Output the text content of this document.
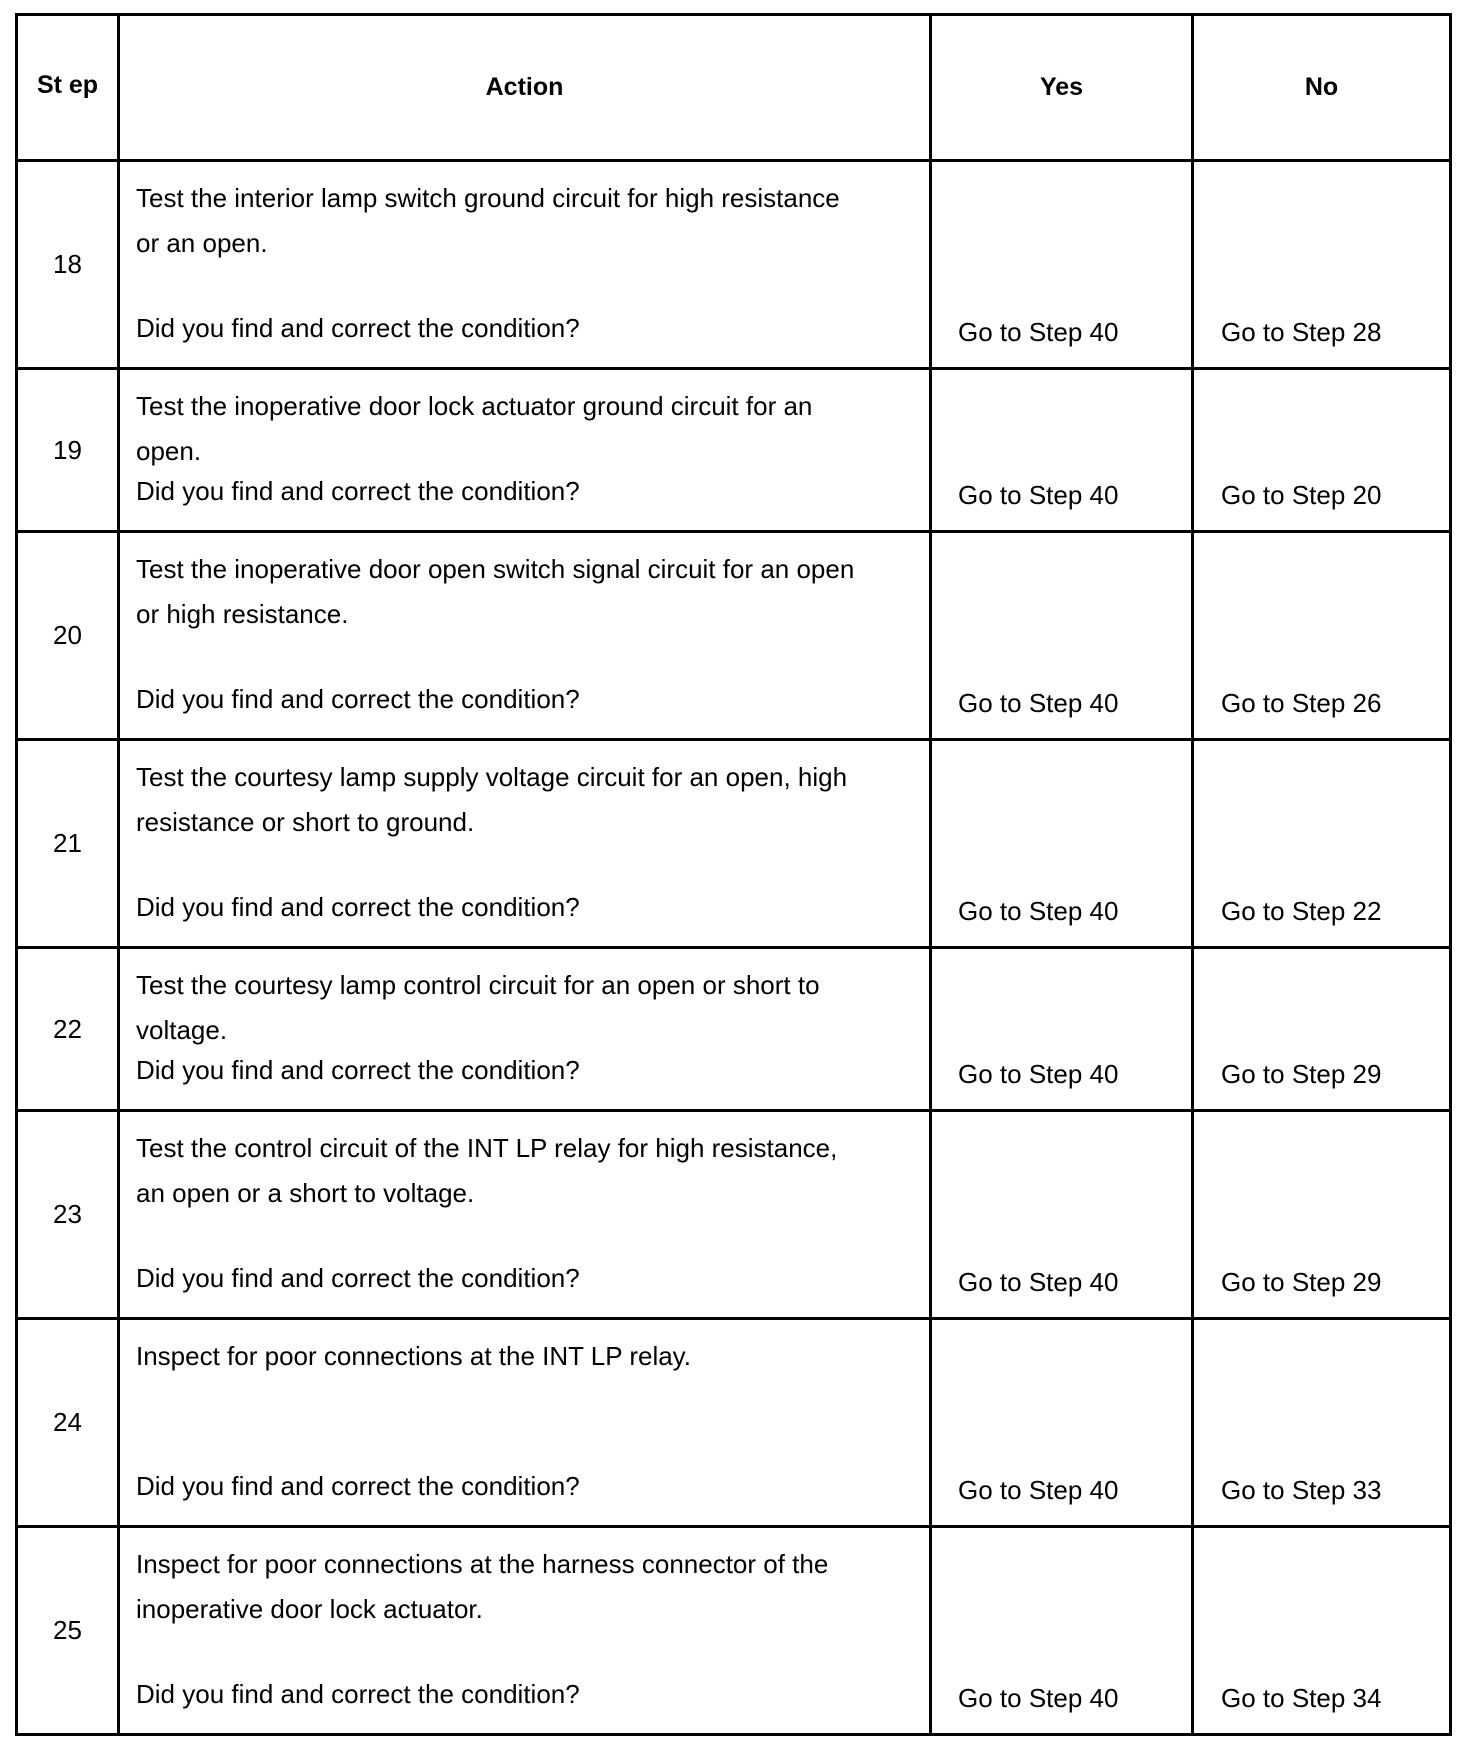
St ep	Action	Yes	No
18	Test the interior lamp switch ground circuit for high resistance or an open.
Did you find and correct the condition?	Go to Step 40	Go to Step 28

19	Test the inoperative door lock actuator ground circuit for an open.
Did you find and correct the condition?	Go to Step 40	Go to Step 20

20	Test the inoperative door open switch signal circuit for an open or high resistance.
Did you find and correct the condition?	Go to Step 40	Go to Step 26

21	Test the courtesy lamp supply voltage circuit for an open, high resistance or short to ground.
Did you find and correct the condition?	Go to Step 40	Go to Step 22

22	Test the courtesy lamp control circuit for an open or short to voltage.
Did you find and correct the condition?	Go to Step 40	Go to Step 29

23	Test the control circuit of the INT LP relay for high resistance, an open or a short to voltage.
Did you find and correct the condition?	Go to Step 40	Go to Step 29

24	Inspect for poor connections at the INT LP relay.
Did you find and correct the condition?	Go to Step 40	Go to Step 33

25	Inspect for poor connections at the harness connector of the inoperative door lock actuator.
Did you find and correct the condition?	Go to Step 40	Go to Step 34
